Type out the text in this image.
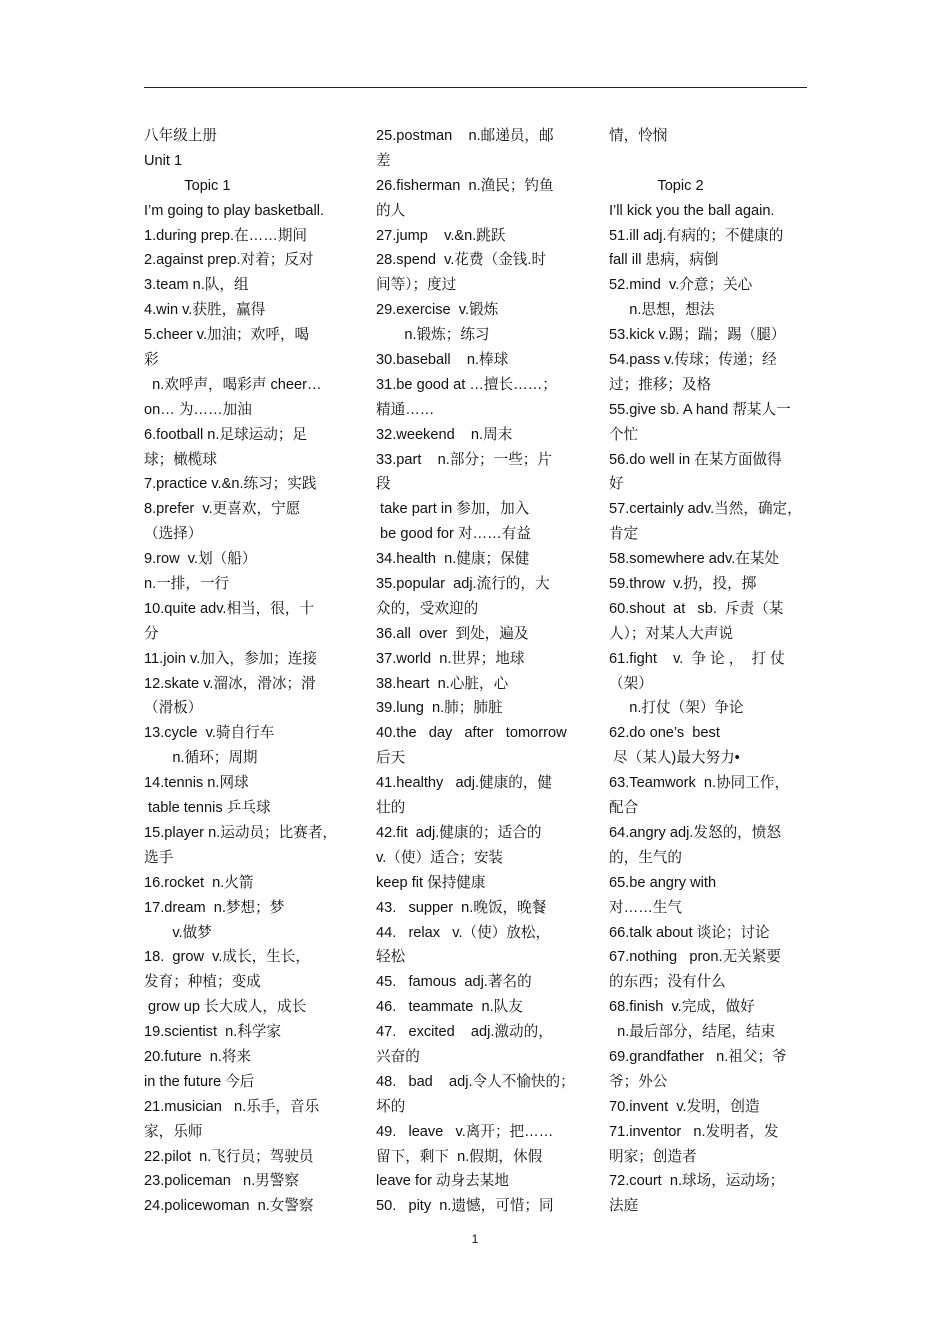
八年级上册
Unit 1
Topic 1
I’m going to play basketball.
1.during prep.在……期间
2.against prep.对着；反对
3.team n.队，组
4.win v.获胜，赢得
5.cheer v.加油；欢呼，喝
彩
n.欢呼声，喝彩声 cheer…
on… 为……加油
6.football n.足球运动；足
球；橄榄球
7.practice v.&n.练习；实践
8.prefer  v.更喜欢，宁愿
（选择）
9.row  v.划（船）
n.一排，一行
10.quite adv.相当，很，十
分
11.join v.加入，参加；连接
12.skate v.溜冰，滑冰；滑
（滑板）
13.cycle  v.骑自行车
n.循环；周期
14.tennis n.网球
table tennis 乒乓球
15.player n.运动员；比赛者，
选手
16.rocket  n.火箭
17.dream  n.梦想；梦
v.做梦
18.  grow  v.成长，生长，
发育；种植；变成
grow up 长大成人，成长
19.scientist  n.科学家
20.future  n.将来
in the future 今后
21.musician   n.乐手，音乐
家，乐师
22.pilot  n.飞行员；驾驶员
23.policeman   n.男警察
24.policewoman  n.女警察
25.postman    n.邮递员，邮
差
26.fisherman  n.渔民；钓鱼
的人
27.jump    v.&n.跳跃
28.spend  v.花费（金钱.时
间等）；度过
29.exercise  v.锻炼
n.锻炼；练习
30.baseball    n.棒球
31.be good at …擅长……；
精通……
32.weekend    n.周末
33.part    n.部分；一些；片
段
take part in 参加，加入
be good for 对……有益
34.health  n.健康；保健
35.popular  adj.流行的，大
众的，受欢迎的
36.all  over  到处，遍及
37.world  n.世界；地球
38.heart  n.心脏，心
39.lung  n.肺；肺脏
40.the   day   after   tomorrow
后天
41.healthy   adj.健康的，健
壮的
42.fit  adj.健康的；适合的
v.（使）适合；安装
keep fit 保持健康
43.   supper  n.晚饭，晚餐
44.   relax   v.（使）放松，
轻松
45.   famous  adj.著名的
46.   teammate  n.队友
47.   excited    adj.激动的，
兴奋的
48.   bad    adj.令人不愉快的；
坏的
49.   leave   v.离开；把……
留下，剩下  n.假期，休假
leave for 动身去某地
50.   pity  n.遗憾，可惜；同
情，怜悯
Topic 2
I’ll kick you the ball again.
51.ill adj.有病的；不健康的
fall ill 患病，病倒
52.mind  v.介意；关心
n.思想，想法
53.kick v.踢；踹；踢（腿）
54.pass v.传球；传递；经
过；推移；及格
55.give sb. A hand 帮某人一
个忙
56.do well in 在某方面做得
好
57.certainly adv.当然，确定，
肯定
58.somewhere adv.在某处
59.throw  v.扔，投，掷
60.shout  at   sb.  斥责（某
人）；对某人大声说
61.fight    v.  争 论 ，  打 仗
（架）
n.打仗（架）争论
62.do one’s  best
尽（某人)最大努力•
63.Teamwork  n.协同工作，
配合
64.angry adj.发怒的，愤怒
的，生气的
65.be angry with
对……生气
66.talk about 谈论；讨论
67.nothing   pron.无关紧要
的东西；没有什么
68.finish  v.完成，做好
n.最后部分，结尾，结束
69.grandfather   n.祖父；爷
爷；外公
70.invent  v.发明，创造
71.inventor   n.发明者，发
明家；创造者
72.court  n.球场，运动场；
法庭
1
